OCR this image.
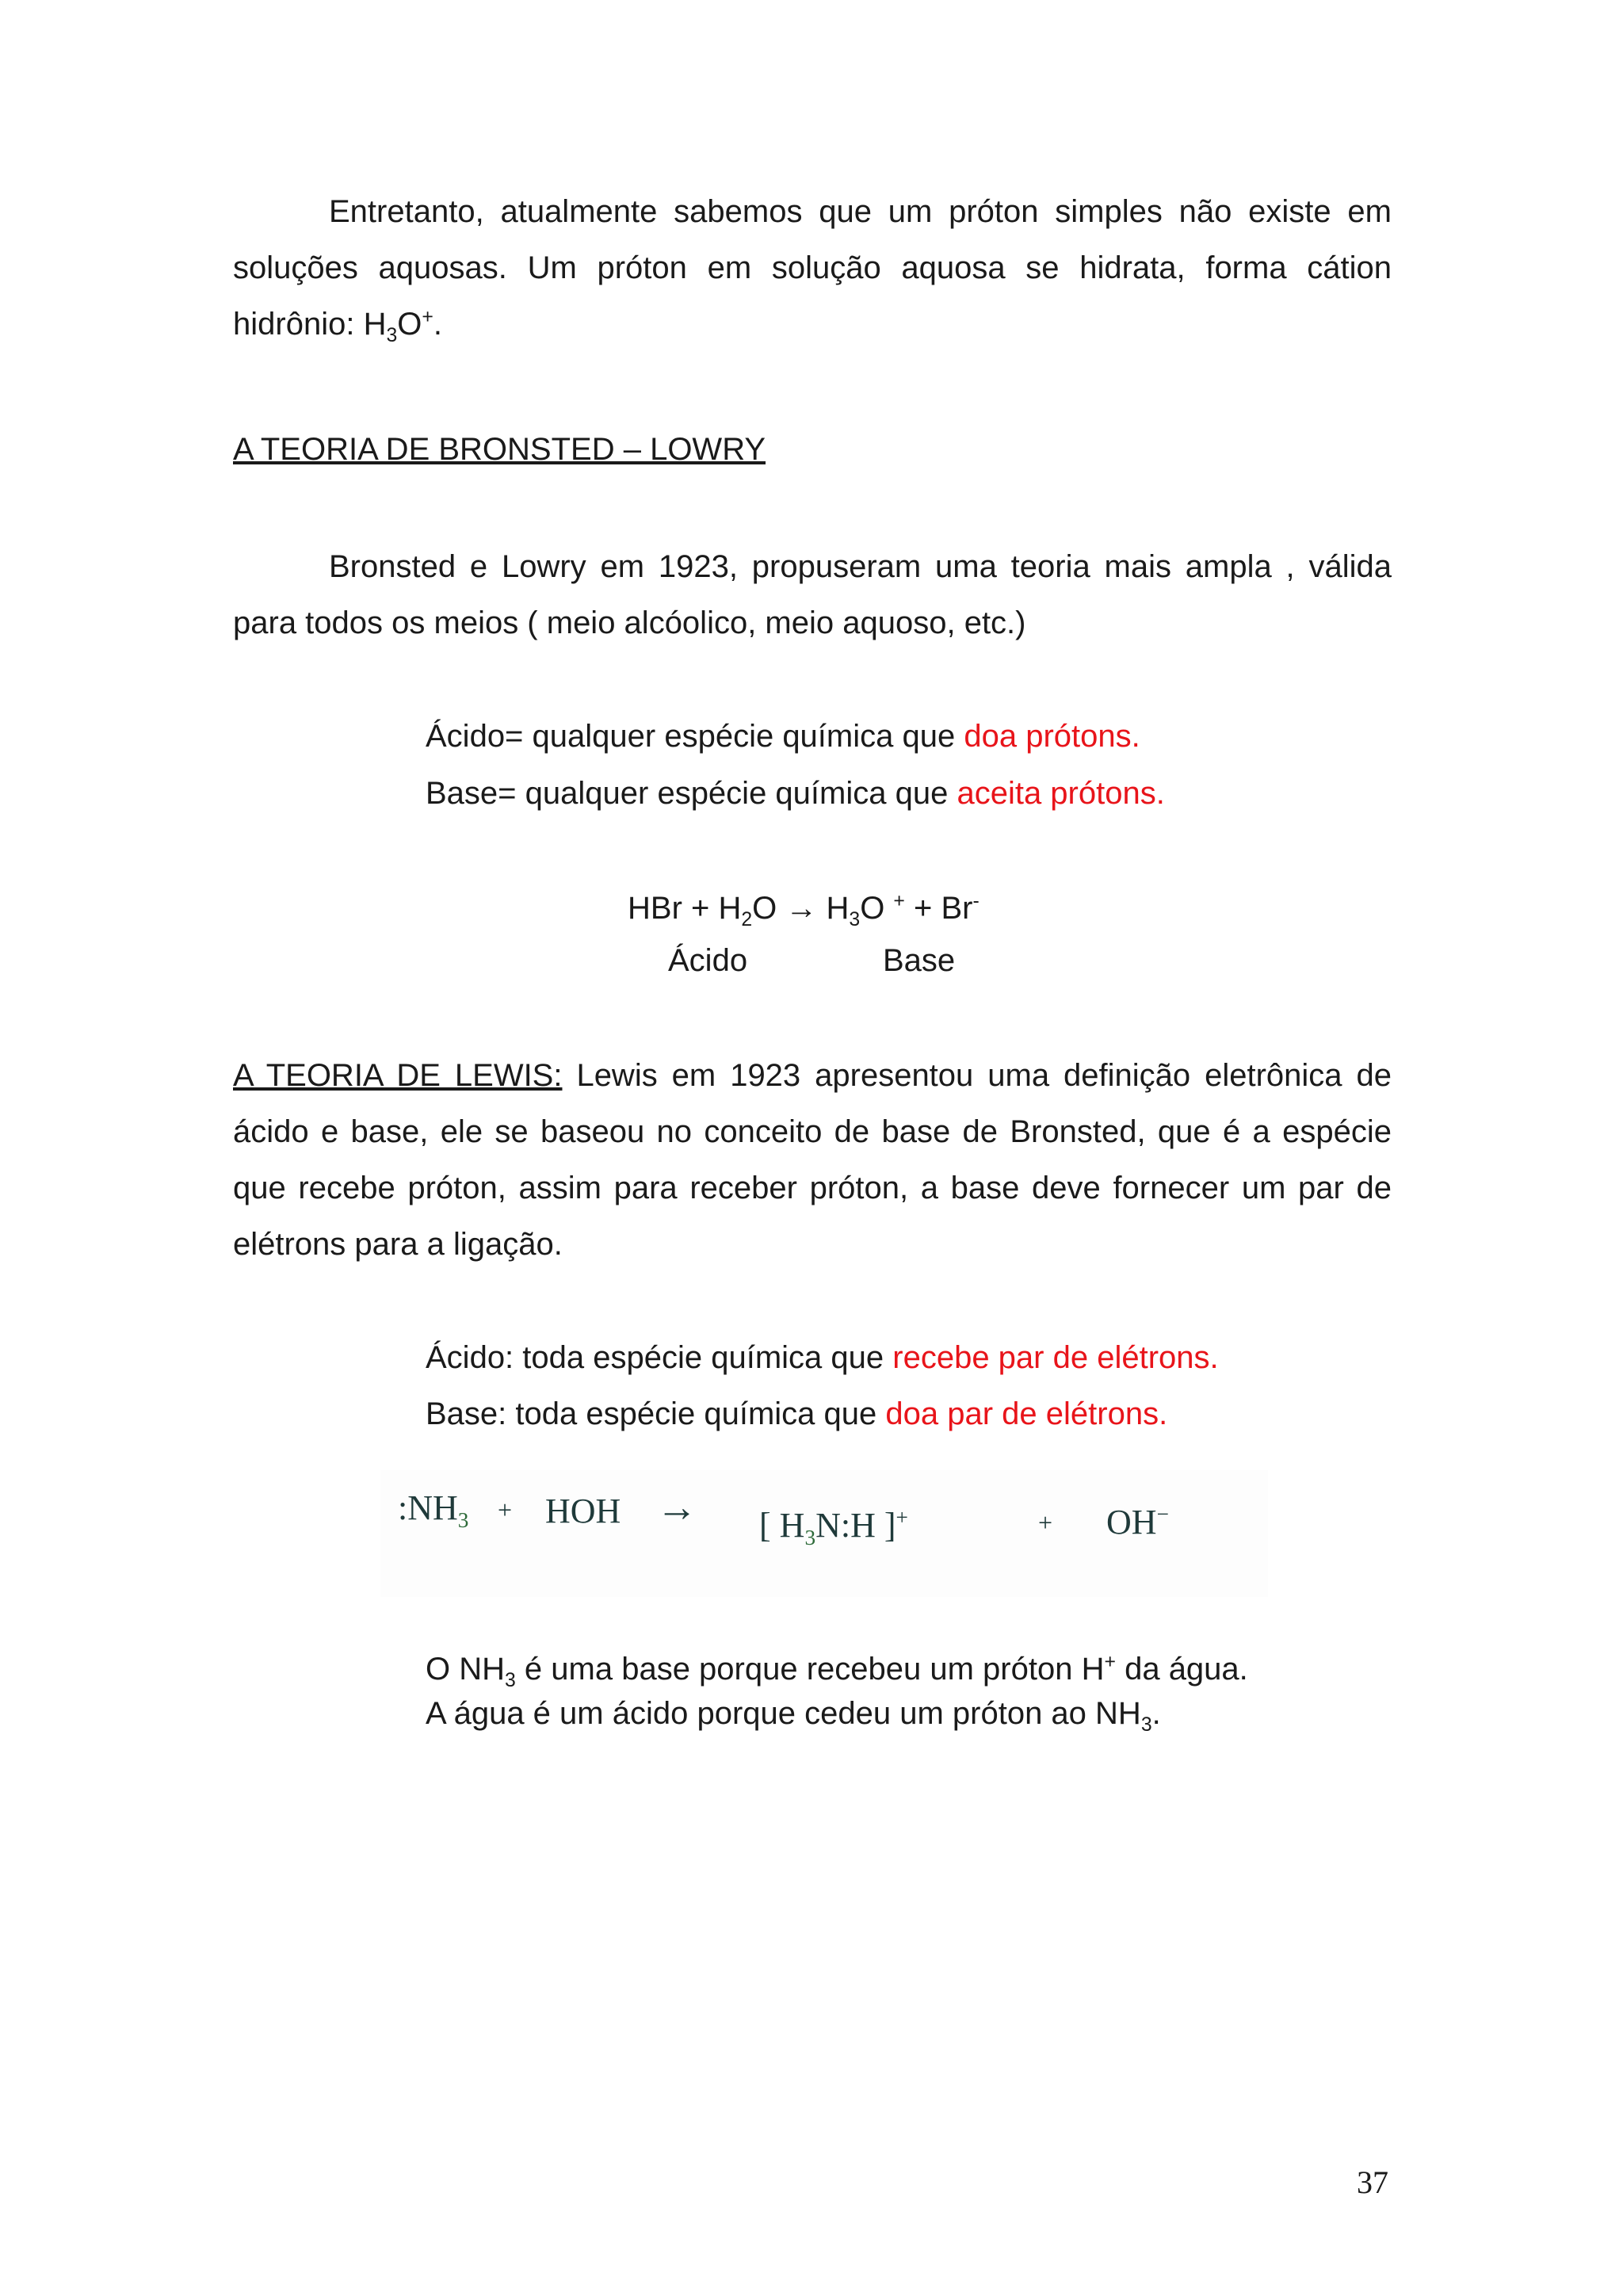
Entretanto, atualmente sabemos que um próton simples não existe em soluções aquosas. Um próton em solução aquosa se hidrata, forma cátion hidrônio: $H_3O^+$.
A TEORIA DE BRONSTED – LOWRY
Bronsted e Lowry em 1923, propuseram uma teoria mais ampla , válida para todos os meios ( meio alcóolico, meio aquoso, etc.)
Ácido= qualquer espécie química que doa prótons.
Base= qualquer espécie química que aceita prótons.
HBr + $H_2O \to H_3O$ + + Br-
Ácido	Base
A TEORIA DE LEWIS: Lewis em 1923 apresentou uma definição eletrônica de ácido e base, ele se baseou no conceito de base de Bronsted, que é a espécie que recebe próton, assim para receber próton, a base deve fornecer um par de elétrons para a ligação.
Ácido: toda espécie química que recebe par de elétrons.
Base: toda espécie química que doa par de elétrons.
$:NH_3$ + HOH → [ $H_3N:H$ ]+	+ OH−
O $NH_3$ é uma base porque recebeu um próton H+ da água.
A água é um ácido porque cedeu um próton ao $NH_3$.
37
